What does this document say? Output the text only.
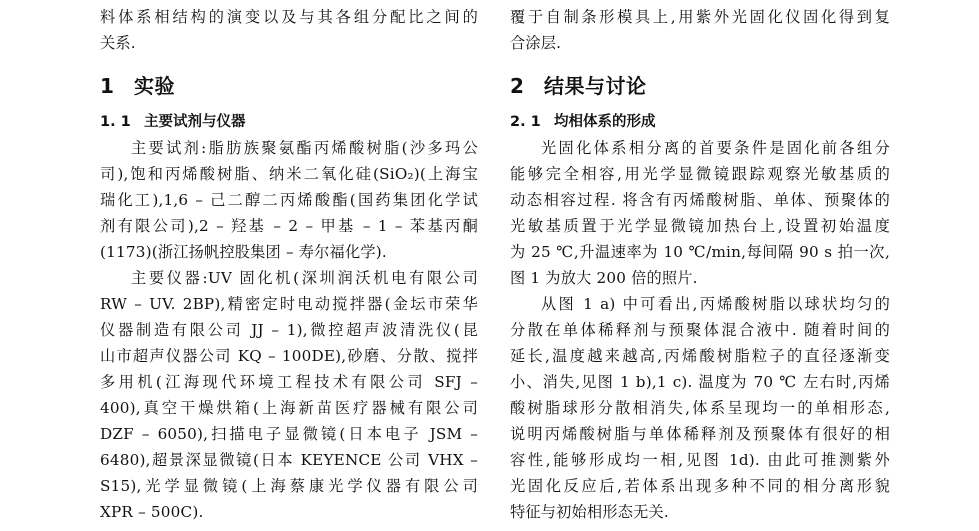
料体系相结构的演变以及与其各组分配比之间的
关系.
1 实验
1. 1 主要试剂与仪器
主要试剂:脂肪族聚氨酯丙烯酸树脂(沙多玛公
司),饱和丙烯酸树脂、纳米二氧化硅(SiO₂)(上海宝
瑞化工),1,6 – 己二醇二丙烯酸酯(国药集团化学试
剂有限公司),2 – 羟基 – 2 – 甲基 – 1 – 苯基丙酮
(1173)(浙江扬帆控股集团 – 寿尔福化学).
主要仪器:UV 固化机(深圳润沃机电有限公司
RW – UV. 2BP),精密定时电动搅拌器(金坛市荣华
仪器制造有限公司 JJ – 1),微控超声波清洗仪(昆
山市超声仪器公司 KQ – 100DE),砂磨、分散、搅拌
多用机(江海现代环境工程技术有限公司 SFJ –
400),真空干燥烘箱(上海新苗医疗器械有限公司
DZF – 6050),扫描电子显微镜(日本电子 JSM –
6480),超景深显微镜(日本 KEYENCE 公司 VHX –
S15),光学显微镜(上海蔡康光学仪器有限公司
XPR – 500C).
覆于自制条形模具上,用紫外光固化仪固化得到复
合涂层.
2 结果与讨论
2. 1 均相体系的形成
光固化体系相分离的首要条件是固化前各组分
能够完全相容,用光学显微镜跟踪观察光敏基质的
动态相容过程. 将含有丙烯酸树脂、单体、预聚体的
光敏基质置于光学显微镜加热台上,设置初始温度
为 25 ℃,升温速率为 10 ℃/min,每间隔 90 s 拍一次,
图 1 为放大 200 倍的照片.
从图 1 a) 中可看出,丙烯酸树脂以球状均匀的
分散在单体稀释剂与预聚体混合液中. 随着时间的
延长,温度越来越高,丙烯酸树脂粒子的直径逐渐变
小、消失,见图 1 b),1 c). 温度为 70 ℃ 左右时,丙烯
酸树脂球形分散相消失,体系呈现均一的单相形态,
说明丙烯酸树脂与单体稀释剂及预聚体有很好的相
容性,能够形成均一相,见图 1d). 由此可推测紫外
光固化反应后,若体系出现多种不同的相分离形貌
特征与初始相形态无关.
